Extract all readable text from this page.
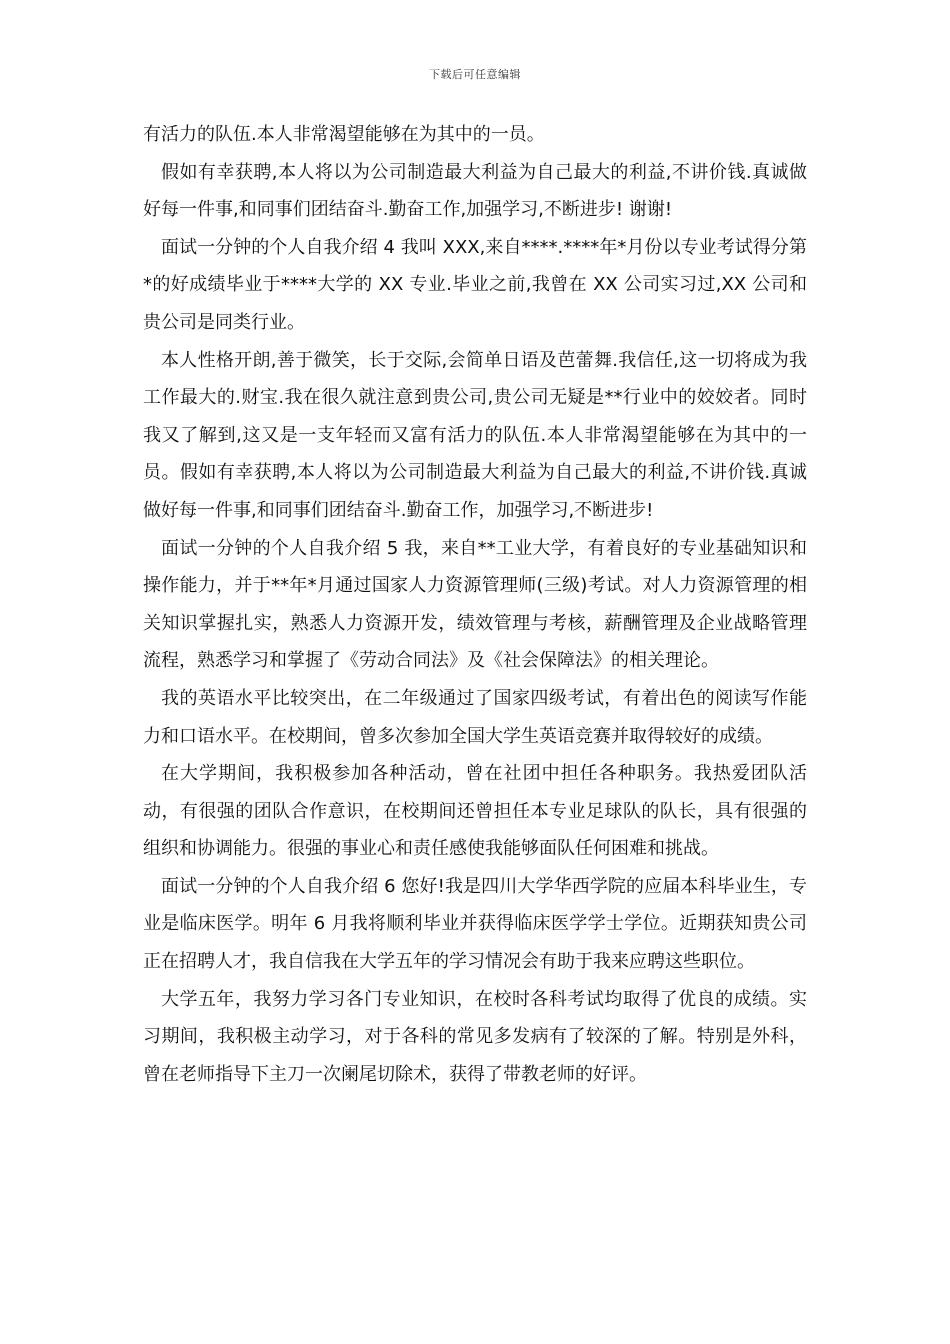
下载后可任意编辑

有活力的队伍.本人非常渴望能够在为其中的一员。

假如有幸获聘,本人将以为公司制造最大利益为自己最大的利益,不讲价钱.真诚做好每一件事,和同事们团结奋斗.勤奋工作,加强学习,不断进步! 谢谢!

面试一分钟的个人自我介绍 4 我叫 XXX,来自****.****年*月份以专业考试得分第*的好成绩毕业于****大学的 XX 专业.毕业之前,我曾在 XX 公司实习过,XX 公司和贵公司是同类行业。

本人性格开朗,善于微笑，长于交际,会简单日语及芭蕾舞.我信任,这一切将成为我工作最大的.财宝.我在很久就注意到贵公司,贵公司无疑是**行业中的姣姣者。同时我又了解到,这又是一支年轻而又富有活力的队伍.本人非常渴望能够在为其中的一员。假如有幸获聘,本人将以为公司制造最大利益为自己最大的利益,不讲价钱.真诚做好每一件事,和同事们团结奋斗.勤奋工作，加强学习,不断进步!

面试一分钟的个人自我介绍 5 我，来自**工业大学，有着良好的专业基础知识和操作能力，并于**年*月通过国家人力资源管理师(三级)考试。对人力资源管理的相关知识掌握扎实，熟悉人力资源开发，绩效管理与考核，薪酬管理及企业战略管理流程，熟悉学习和掌握了《劳动合同法》及《社会保障法》的相关理论。

我的英语水平比较突出，在二年级通过了国家四级考试，有着出色的阅读写作能力和口语水平。在校期间，曾多次参加全国大学生英语竞赛并取得较好的成绩。

在大学期间，我积极参加各种活动，曾在社团中担任各种职务。我热爱团队活动，有很强的团队合作意识，在校期间还曾担任本专业足球队的队长，具有很强的组织和协调能力。很强的事业心和责任感使我能够面队任何困难和挑战。

面试一分钟的个人自我介绍 6 您好!我是四川大学华西学院的应届本科毕业生，专业是临床医学。明年 6 月我将顺利毕业并获得临床医学学士学位。近期获知贵公司正在招聘人才，我自信我在大学五年的学习情况会有助于我来应聘这些职位。

大学五年，我努力学习各门专业知识，在校时各科考试均取得了优良的成绩。实习期间，我积极主动学习，对于各科的常见多发病有了较深的了解。特别是外科，曾在老师指导下主刀一次阑尾切除术，获得了带教老师的好评。
